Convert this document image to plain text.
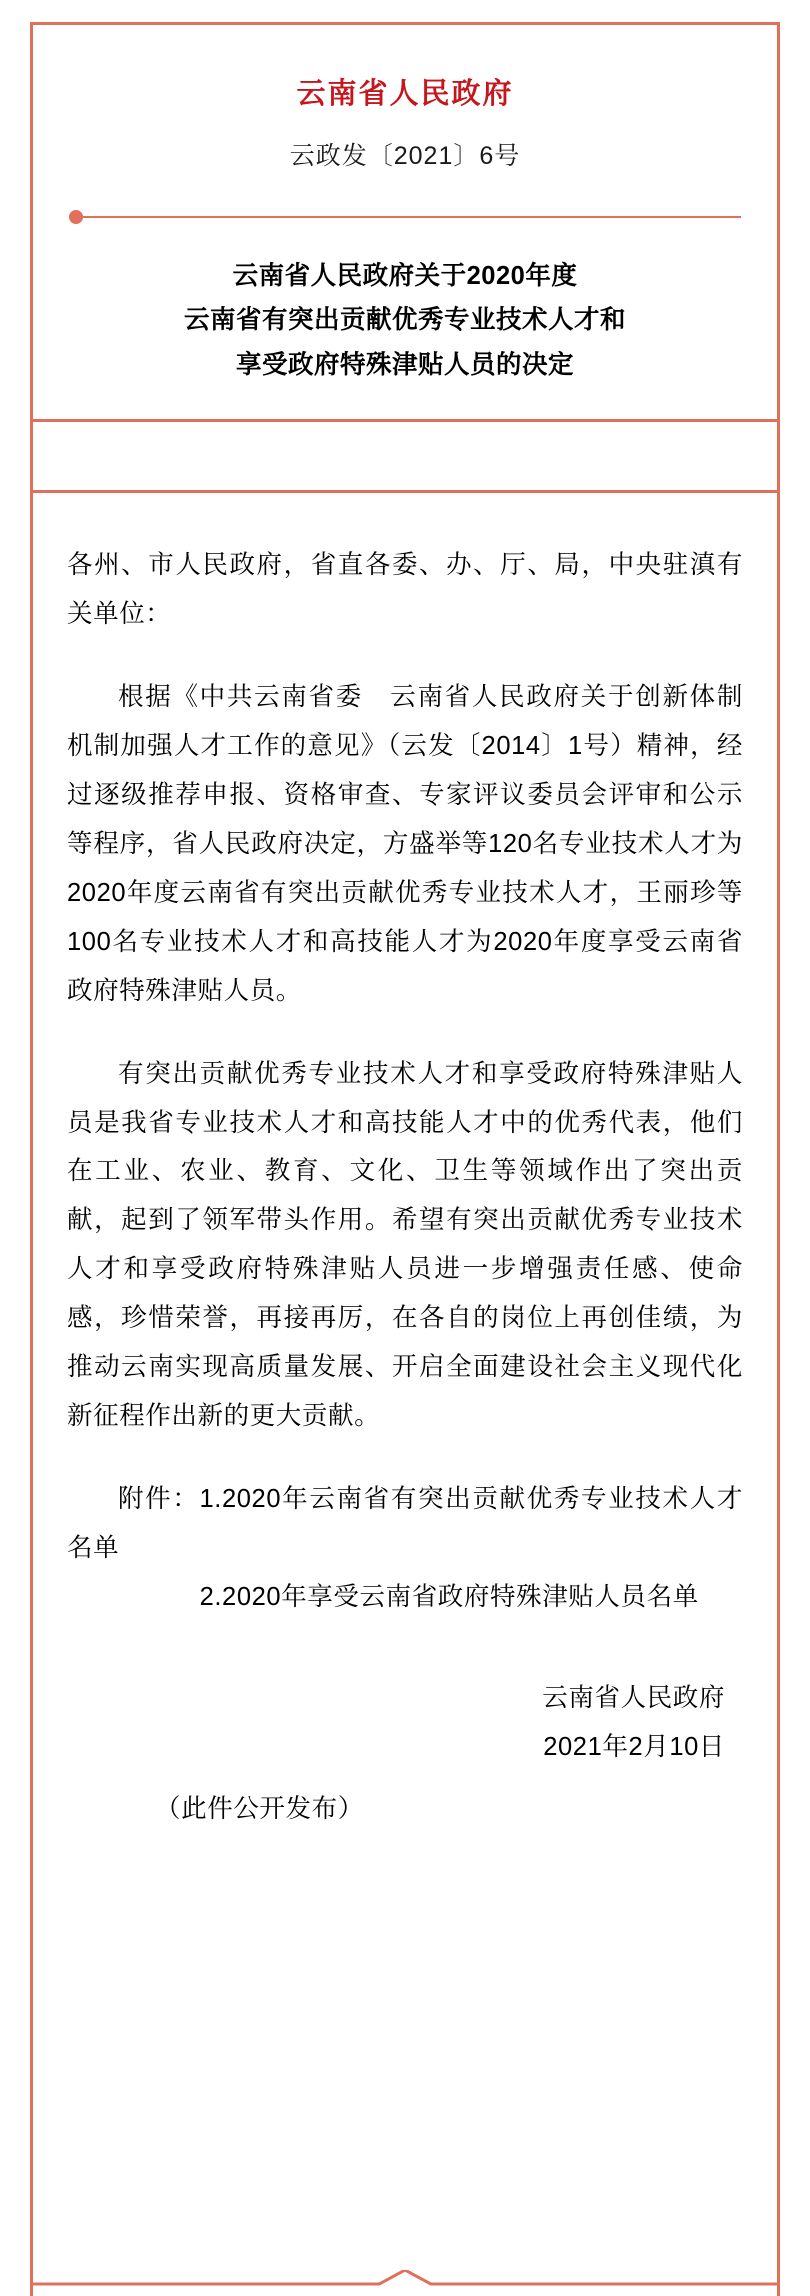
云南省人民政府
云政发〔2021〕6号
云南省人民政府关于2020年度
云南省有突出贡献优秀专业技术人才和
享受政府特殊津贴人员的决定

各州、市人民政府，省直各委、办、厅、局，中央驻滇有关单位：

根据《中共云南省委　云南省人民政府关于创新体制机制加强人才工作的意见》（云发〔2014〕1号）精神，经过逐级推荐申报、资格审查、专家评议委员会评审和公示等程序，省人民政府决定，方盛举等120名专业技术人才为2020年度云南省有突出贡献优秀专业技术人才，王丽珍等100名专业技术人才和高技能人才为2020年度享受云南省政府特殊津贴人员。

有突出贡献优秀专业技术人才和享受政府特殊津贴人员是我省专业技术人才和高技能人才中的优秀代表，他们在工业、农业、教育、文化、卫生等领域作出了突出贡献，起到了领军带头作用。希望有突出贡献优秀专业技术人才和享受政府特殊津贴人员进一步增强责任感、使命感，珍惜荣誉，再接再厉，在各自的岗位上再创佳绩，为推动云南实现高质量发展、开启全面建设社会主义现代化新征程作出新的更大贡献。

附件：1.2020年云南省有突出贡献优秀专业技术人才名单

2.2020年享受云南省政府特殊津贴人员名单

云南省人民政府
2021年2月10日
（此件公开发布）
